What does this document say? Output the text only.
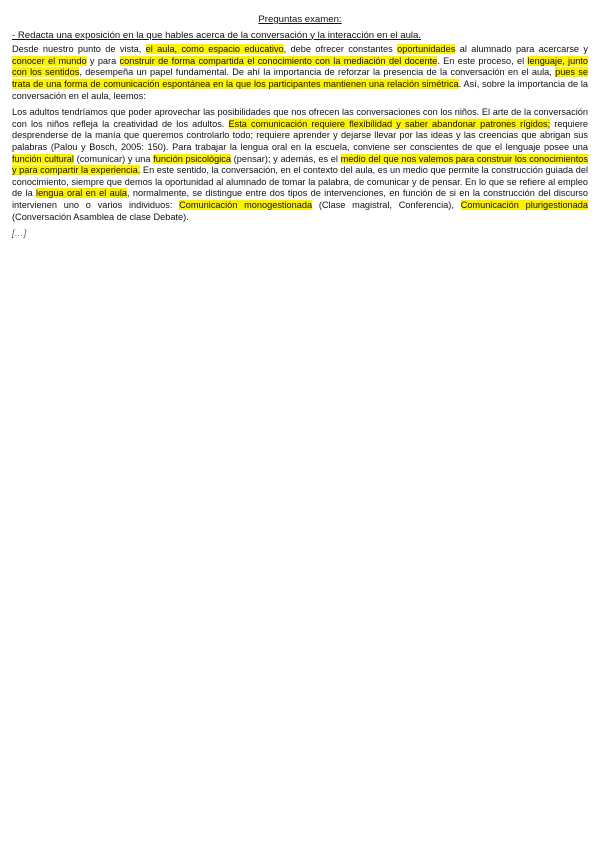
Preguntas examen:
- Redacta una exposición en la que hables acerca de la conversación y la interacción en el aula.

Desde nuestro punto de vista, el aula, como espacio educativo, debe ofrecer constantes oportunidades al alumnado para acercarse y conocer el mundo y para construir de forma compartida el conocimiento con la mediación del docente. En este proceso, el lenguaje, junto con los sentidos, desempeña un papel fundamental. De ahí la importancia de reforzar la presencia de la conversación en el aula, pues se trata de una forma de comunicación espontánea en la que los participantes mantienen una relación simétrica. Así, sobre la importancia de la conversación en el aula, leemos:

Los adultos tendríamos que poder aprovechar las posibilidades que nos ofrecen las conversaciones con los niños. El arte de la conversación con los niños refleja la creatividad de los adultos. Esta comunicación requiere flexibilidad y saber abandonar patrones rígidos; requiere desprenderse de la manía que queremos controlarlo todo; requiere aprender y dejarse llevar por las ideas y las creencias que abrigan sus palabras (Palou y Bosch, 2005: 150). Para trabajar la lengua oral en la escuela, conviene ser conscientes de que el lenguaje posee una función cultural (comunicar) y una función psicológica (pensar); y además, es el medio del que nos valemos para construir los conocimientos y para compartir la experiencia. En este sentido, la conversación, en el contexto del aula, es un medio que permite la construcción guiada del conocimiento, siempre que demos la oportunidad al alumnado de tomar la palabra, de comunicar y de pensar. En lo que se refiere al empleo de la lengua oral en el aula, normalmente, se distingue entre dos tipos de intervenciones, en función de si en la construcción del discurso intervienen uno o varios individuos: Comunicación monogestionada (Clase magistral, Conferencia), Comunicación plurigestionada (Conversación Asamblea de clase Debate).

[…]
